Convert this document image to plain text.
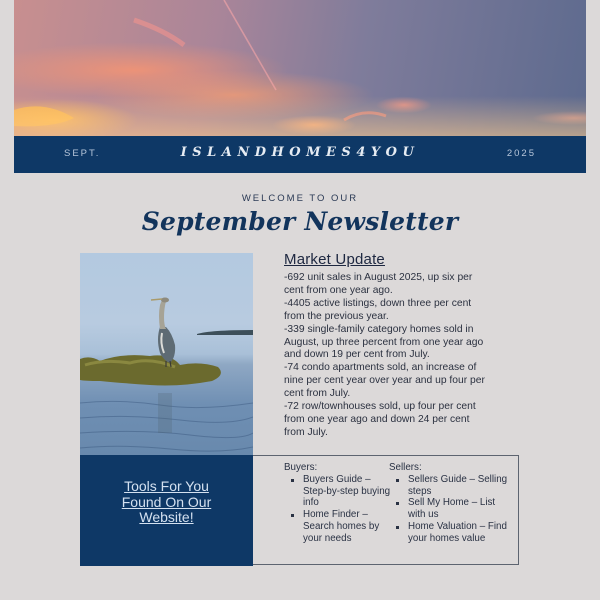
SEPT.	ISLANDHOMES4YOU	2025
WELCOME TO OUR
September Newsletter
Market Update
-692 unit sales in August 2025, up six per
cent from one year ago.
-4405 active listings, down three per cent
from the previous year.
-339 single-family category homes sold in
August, up three percent from one year ago
and down 19 per cent from July.
-74 condo apartments sold, an increase of
nine per cent year over year and up four per
cent from July.
-72 row/townhouses sold, up four per cent
from one year ago and down 24 per cent
from July.
Tools For You
Found On Our
Website!
Buyers:
Buyers Guide – Step-by-step buying info
Home Finder – Search homes by your needs
Sellers:
Sellers Guide – Selling steps
Sell My Home – List with us
Home Valuation – Find your homes value
